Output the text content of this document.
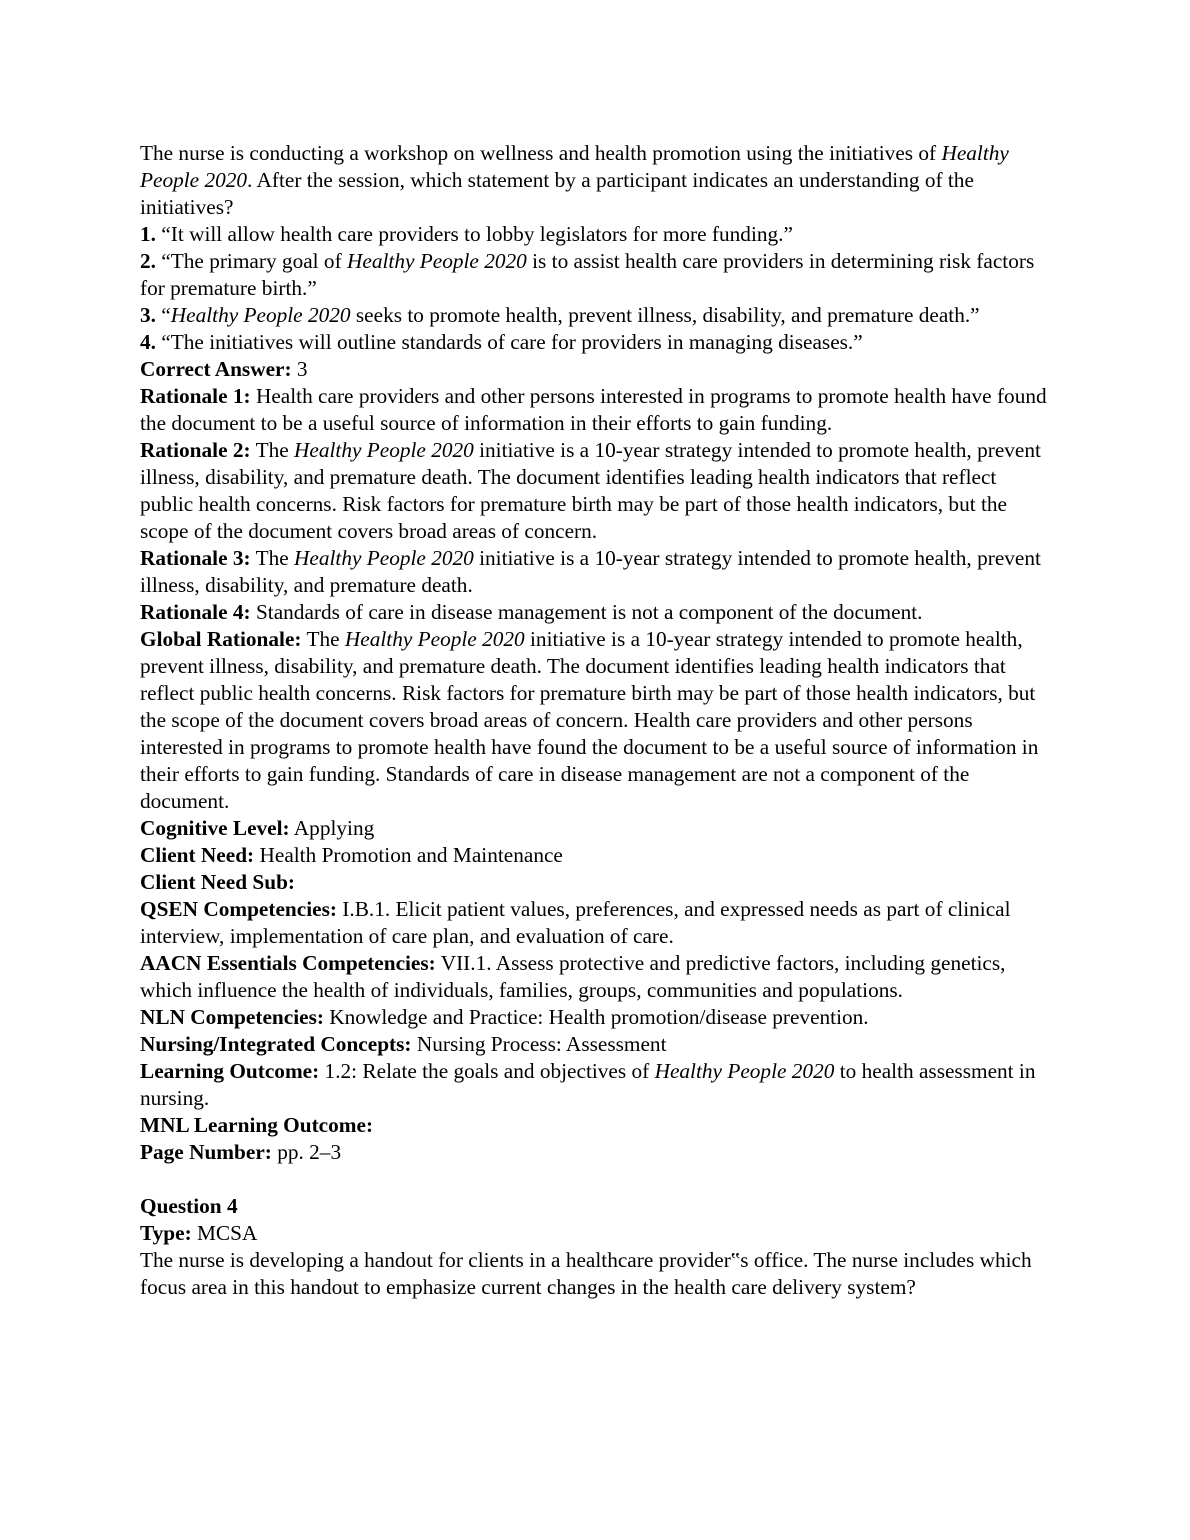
The nurse is conducting a workshop on wellness and health promotion using the initiatives of Healthy People 2020. After the session, which statement by a participant indicates an understanding of the initiatives?

1. “It will allow health care providers to lobby legislators for more funding.”

2. “The primary goal of Healthy People 2020 is to assist health care providers in determining risk factors for premature birth.”

3. “Healthy People 2020 seeks to promote health, prevent illness, disability, and premature death.”

4. “The initiatives will outline standards of care for providers in managing diseases.”

Correct Answer: 3

Rationale 1: Health care providers and other persons interested in programs to promote health have found the document to be a useful source of information in their efforts to gain funding.

Rationale 2: The Healthy People 2020 initiative is a 10-year strategy intended to promote health, prevent illness, disability, and premature death. The document identifies leading health indicators that reflect public health concerns. Risk factors for premature birth may be part of those health indicators, but the scope of the document covers broad areas of concern.

Rationale 3: The Healthy People 2020 initiative is a 10-year strategy intended to promote health, prevent illness, disability, and premature death.

Rationale 4: Standards of care in disease management is not a component of the document.

Global Rationale: The Healthy People 2020 initiative is a 10-year strategy intended to promote health, prevent illness, disability, and premature death. The document identifies leading health indicators that reflect public health concerns. Risk factors for premature birth may be part of those health indicators, but the scope of the document covers broad areas of concern. Health care providers and other persons interested in programs to promote health have found the document to be a useful source of information in their efforts to gain funding. Standards of care in disease management are not a component of the document.

Cognitive Level: Applying

Client Need: Health Promotion and Maintenance

Client Need Sub:

QSEN Competencies: I.B.1. Elicit patient values, preferences, and expressed needs as part of clinical interview, implementation of care plan, and evaluation of care.

AACN Essentials Competencies: VII.1. Assess protective and predictive factors, including genetics, which influence the health of individuals, families, groups, communities and populations.

NLN Competencies: Knowledge and Practice: Health promotion/disease prevention.

Nursing/Integrated Concepts: Nursing Process: Assessment

Learning Outcome: 1.2: Relate the goals and objectives of Healthy People 2020 to health assessment in nursing.

MNL Learning Outcome:

Page Number: pp. 2–3

Question 4

Type: MCSA

The nurse is developing a handout for clients in a healthcare provider‟s office. The nurse includes which focus area in this handout to emphasize current changes in the health care delivery system?
